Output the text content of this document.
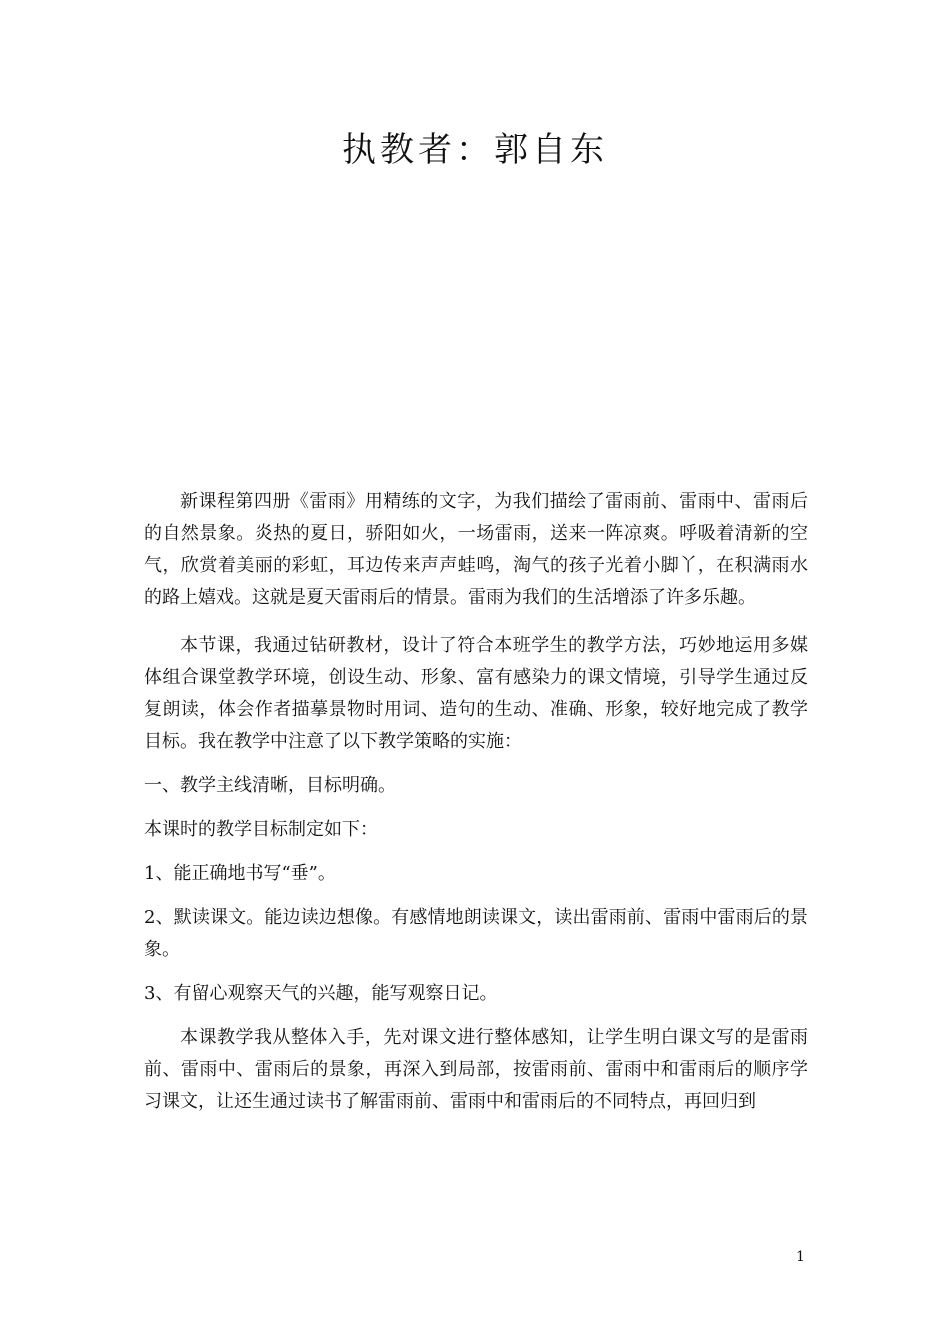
执教者：郭自东

新课程第四册《雷雨》用精练的文字，为我们描绘了雷雨前、雷雨中、雷雨后的自然景象。炎热的夏日，骄阳如火，一场雷雨，送来一阵凉爽。呼吸着清新的空气，欣赏着美丽的彩虹，耳边传来声声蛙鸣，淘气的孩子光着小脚丫，在积满雨水的路上嬉戏。这就是夏天雷雨后的情景。雷雨为我们的生活增添了许多乐趣。

本节课，我通过钻研教材，设计了符合本班学生的教学方法，巧妙地运用多媒体组合课堂教学环境，创设生动、形象、富有感染力的课文情境，引导学生通过反复朗读，体会作者描摹景物时用词、造句的生动、准确、形象，较好地完成了教学目标。我在教学中注意了以下教学策略的实施：

一、教学主线清晰，目标明确。

本课时的教学目标制定如下：

1、能正确地书写“垂”。

2、默读课文。能边读边想像。有感情地朗读课文，读出雷雨前、雷雨中雷雨后的景象。

3、有留心观察天气的兴趣，能写观察日记。

本课教学我从整体入手，先对课文进行整体感知，让学生明白课文写的是雷雨前、雷雨中、雷雨后的景象，再深入到局部，按雷雨前、雷雨中和雷雨后的顺序学习课文，让还生通过读书了解雷雨前、雷雨中和雷雨后的不同特点，再回归到

1
